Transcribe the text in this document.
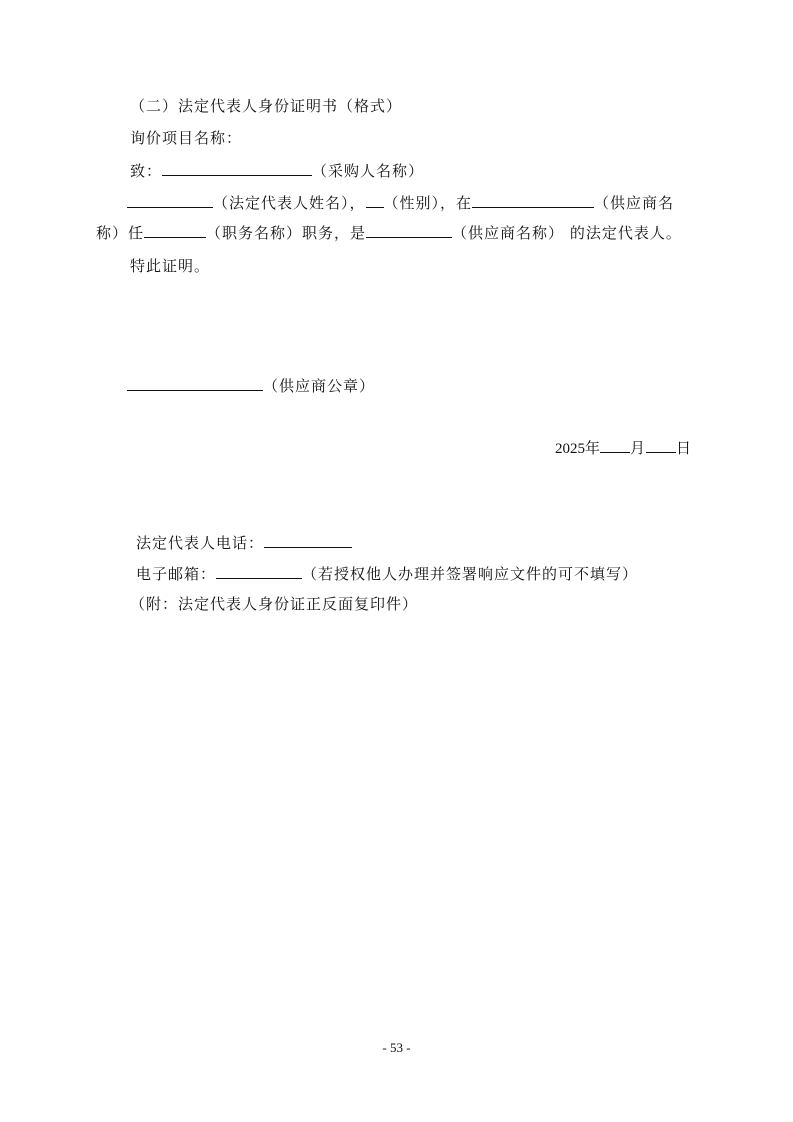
（二）法定代表人身份证明书（格式）
询价项目名称：
致：	（采购人名称）
（法定代表人姓名）， （性别），在	（供应商名
称）任	（职务名称）职务，是	（供应商名称） 的法定代表人。
特此证明。
（供应商公章）
2025年 月 日
法定代表人电话：
电子邮箱：	（若授权他人办理并签署响应文件的可不填写）
（附：法定代表人身份证正反面复印件）
- 53 -
